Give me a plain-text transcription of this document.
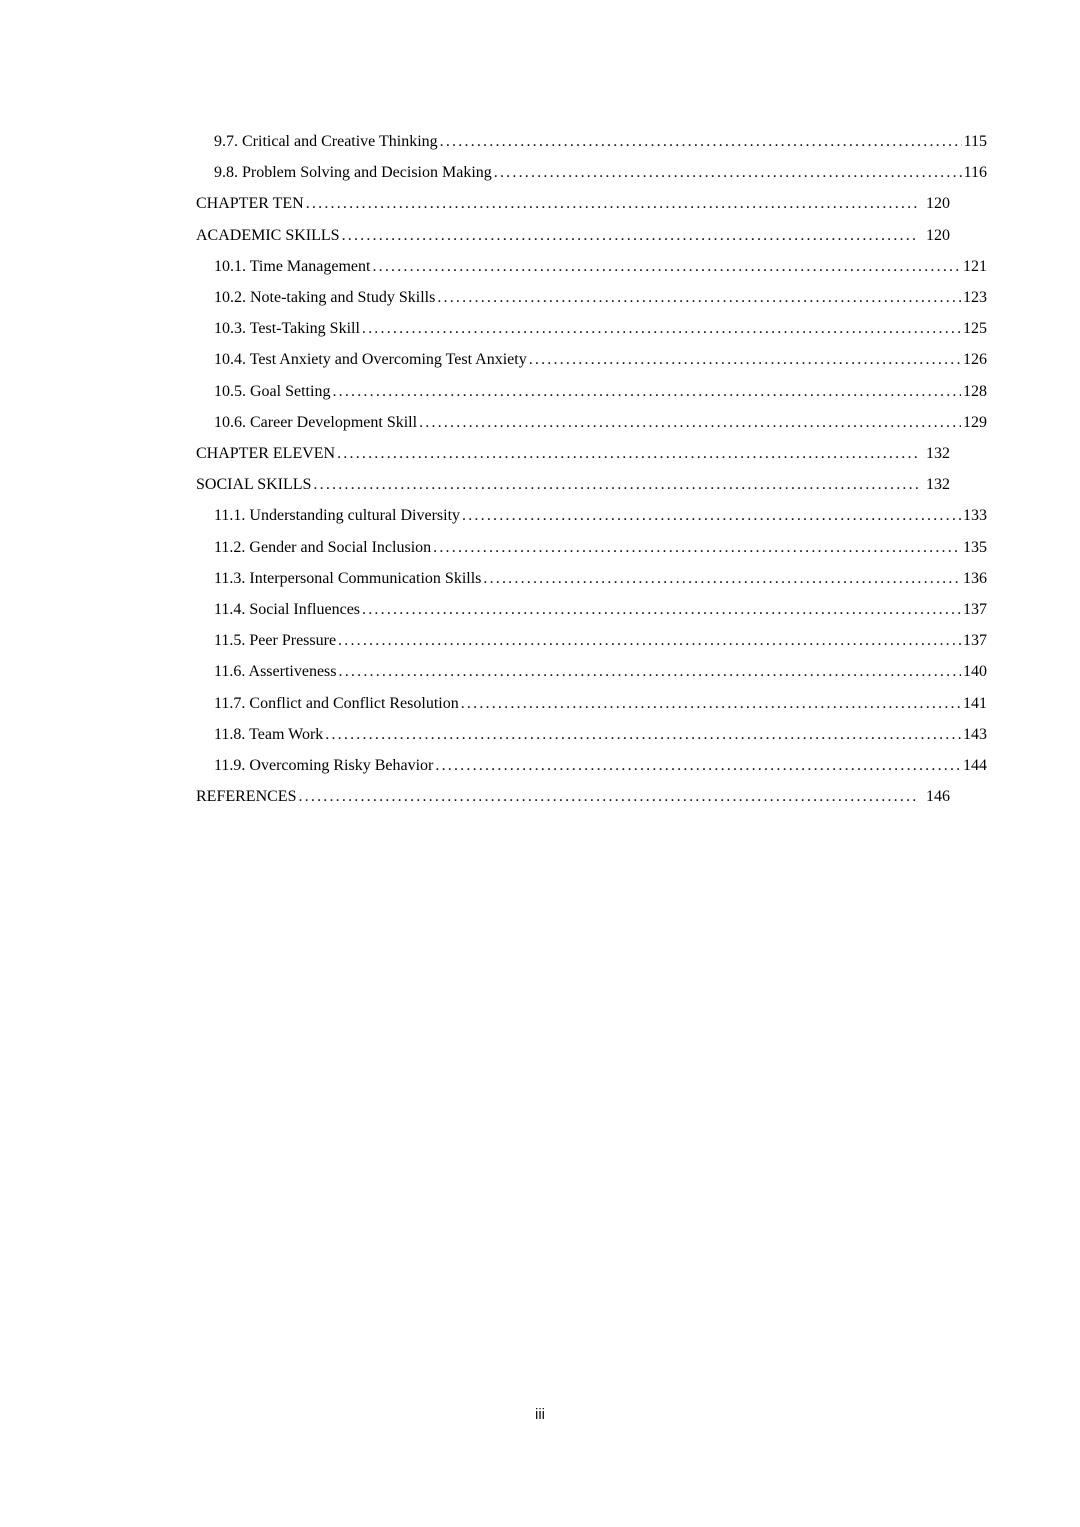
9.7. Critical and Creative Thinking .....	115
9.8. Problem Solving and Decision Making .....	116
CHAPTER TEN .....	120
ACADEMIC SKILLS .....	120
10.1. Time Management .....	121
10.2. Note-taking and Study Skills .....	123
10.3. Test-Taking Skill .....	125
10.4. Test Anxiety and Overcoming Test Anxiety .....	126
10.5. Goal Setting .....	128
10.6. Career Development Skill .....	129
CHAPTER ELEVEN .....	132
SOCIAL SKILLS .....	132
11.1. Understanding cultural Diversity .....	133
11.2. Gender and Social Inclusion .....	135
11.3. Interpersonal Communication Skills .....	136
11.4. Social Influences .....	137
11.5. Peer Pressure .....	137
11.6. Assertiveness .....	140
11.7. Conflict and Conflict Resolution .....	141
11.8. Team Work .....	143
11.9. Overcoming Risky Behavior .....	144
REFERENCES .....	146
iii
